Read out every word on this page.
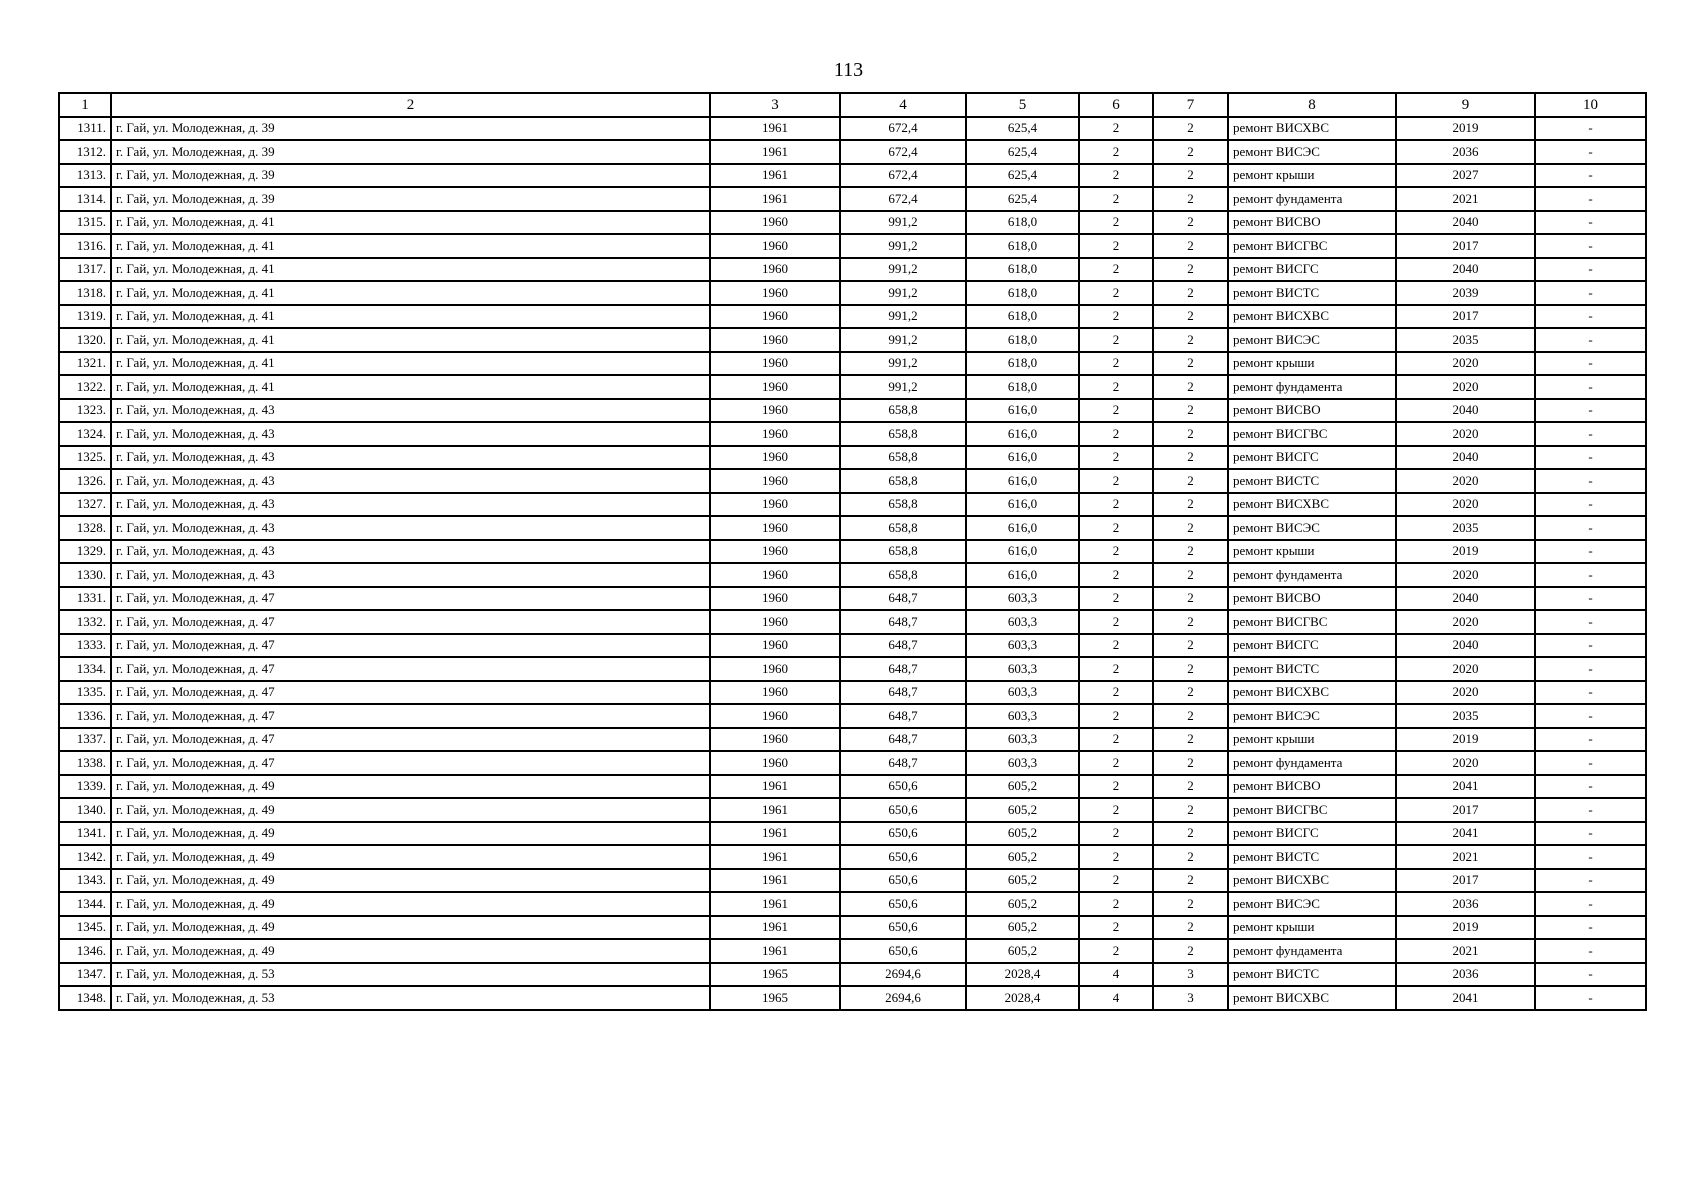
113
1	2	3	4	5	6	7	8	9	10
1311.	г. Гай, ул. Молодежная, д. 39	1961	672,4	625,4	2	2	ремонт ВИСХВС	2019	-
1312.	г. Гай, ул. Молодежная, д. 39	1961	672,4	625,4	2	2	ремонт ВИСЭС	2036	-
1313.	г. Гай, ул. Молодежная, д. 39	1961	672,4	625,4	2	2	ремонт крыши	2027	-
1314.	г. Гай, ул. Молодежная, д. 39	1961	672,4	625,4	2	2	ремонт фундамента	2021	-
1315.	г. Гай, ул. Молодежная, д. 41	1960	991,2	618,0	2	2	ремонт ВИСВО	2040	-
1316.	г. Гай, ул. Молодежная, д. 41	1960	991,2	618,0	2	2	ремонт ВИСГВС	2017	-
1317.	г. Гай, ул. Молодежная, д. 41	1960	991,2	618,0	2	2	ремонт ВИСГС	2040	-
1318.	г. Гай, ул. Молодежная, д. 41	1960	991,2	618,0	2	2	ремонт ВИСТС	2039	-
1319.	г. Гай, ул. Молодежная, д. 41	1960	991,2	618,0	2	2	ремонт ВИСХВС	2017	-
1320.	г. Гай, ул. Молодежная, д. 41	1960	991,2	618,0	2	2	ремонт ВИСЭС	2035	-
1321.	г. Гай, ул. Молодежная, д. 41	1960	991,2	618,0	2	2	ремонт крыши	2020	-
1322.	г. Гай, ул. Молодежная, д. 41	1960	991,2	618,0	2	2	ремонт фундамента	2020	-
1323.	г. Гай, ул. Молодежная, д. 43	1960	658,8	616,0	2	2	ремонт ВИСВО	2040	-
1324.	г. Гай, ул. Молодежная, д. 43	1960	658,8	616,0	2	2	ремонт ВИСГВС	2020	-
1325.	г. Гай, ул. Молодежная, д. 43	1960	658,8	616,0	2	2	ремонт ВИСГС	2040	-
1326.	г. Гай, ул. Молодежная, д. 43	1960	658,8	616,0	2	2	ремонт ВИСТС	2020	-
1327.	г. Гай, ул. Молодежная, д. 43	1960	658,8	616,0	2	2	ремонт ВИСХВС	2020	-
1328.	г. Гай, ул. Молодежная, д. 43	1960	658,8	616,0	2	2	ремонт ВИСЭС	2035	-
1329.	г. Гай, ул. Молодежная, д. 43	1960	658,8	616,0	2	2	ремонт крыши	2019	-
1330.	г. Гай, ул. Молодежная, д. 43	1960	658,8	616,0	2	2	ремонт фундамента	2020	-
1331.	г. Гай, ул. Молодежная, д. 47	1960	648,7	603,3	2	2	ремонт ВИСВО	2040	-
1332.	г. Гай, ул. Молодежная, д. 47	1960	648,7	603,3	2	2	ремонт ВИСГВС	2020	-
1333.	г. Гай, ул. Молодежная, д. 47	1960	648,7	603,3	2	2	ремонт ВИСГС	2040	-
1334.	г. Гай, ул. Молодежная, д. 47	1960	648,7	603,3	2	2	ремонт ВИСТС	2020	-
1335.	г. Гай, ул. Молодежная, д. 47	1960	648,7	603,3	2	2	ремонт ВИСХВС	2020	-
1336.	г. Гай, ул. Молодежная, д. 47	1960	648,7	603,3	2	2	ремонт ВИСЭС	2035	-
1337.	г. Гай, ул. Молодежная, д. 47	1960	648,7	603,3	2	2	ремонт крыши	2019	-
1338.	г. Гай, ул. Молодежная, д. 47	1960	648,7	603,3	2	2	ремонт фундамента	2020	-
1339.	г. Гай, ул. Молодежная, д. 49	1961	650,6	605,2	2	2	ремонт ВИСВО	2041	-
1340.	г. Гай, ул. Молодежная, д. 49	1961	650,6	605,2	2	2	ремонт ВИСГВС	2017	-
1341.	г. Гай, ул. Молодежная, д. 49	1961	650,6	605,2	2	2	ремонт ВИСГС	2041	-
1342.	г. Гай, ул. Молодежная, д. 49	1961	650,6	605,2	2	2	ремонт ВИСТС	2021	-
1343.	г. Гай, ул. Молодежная, д. 49	1961	650,6	605,2	2	2	ремонт ВИСХВС	2017	-
1344.	г. Гай, ул. Молодежная, д. 49	1961	650,6	605,2	2	2	ремонт ВИСЭС	2036	-
1345.	г. Гай, ул. Молодежная, д. 49	1961	650,6	605,2	2	2	ремонт крыши	2019	-
1346.	г. Гай, ул. Молодежная, д. 49	1961	650,6	605,2	2	2	ремонт фундамента	2021	-
1347.	г. Гай, ул. Молодежная, д. 53	1965	2694,6	2028,4	4	3	ремонт ВИСТС	2036	-
1348.	г. Гай, ул. Молодежная, д. 53	1965	2694,6	2028,4	4	3	ремонт ВИСХВС	2041	-
